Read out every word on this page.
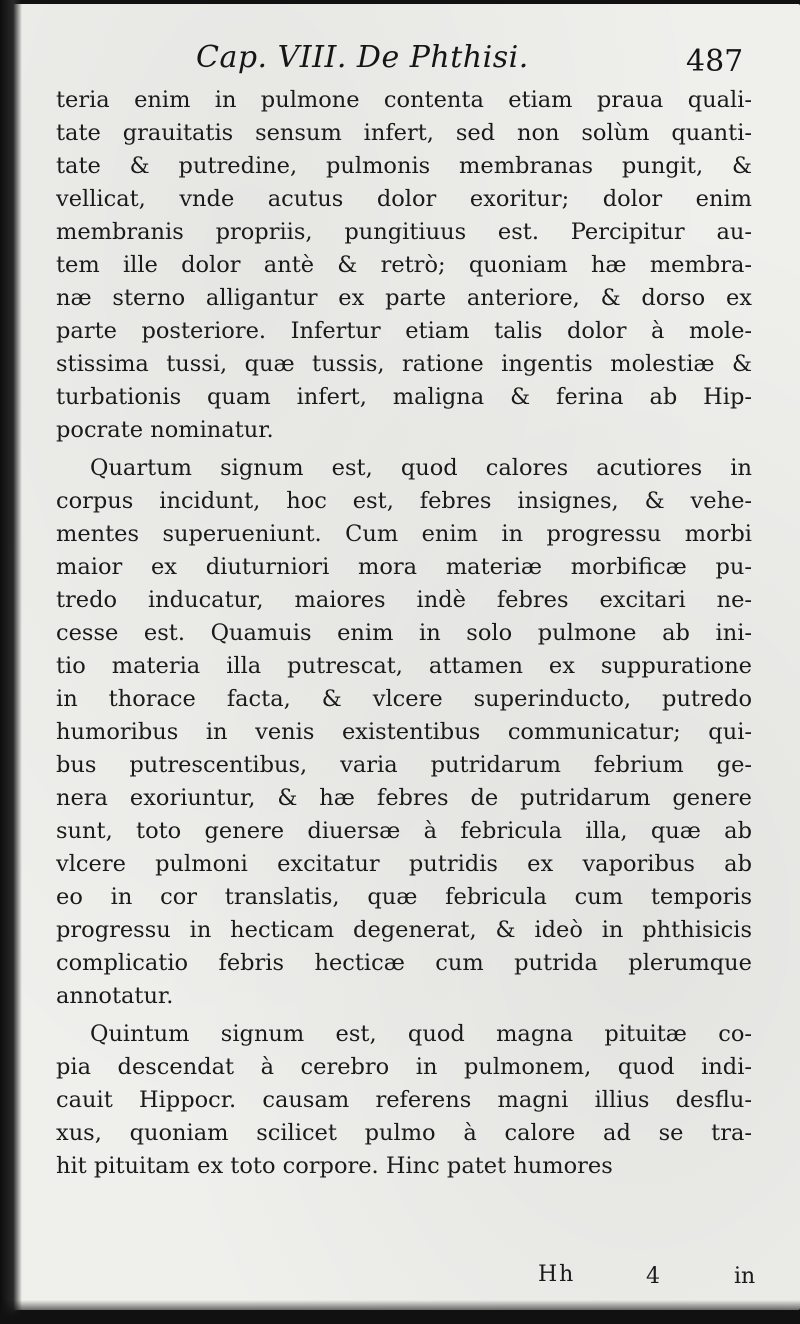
Cap. VIII. De Phthisi.	487
teria enim in pulmone contenta etiam praua quali-
tate grauitatis sensum infert, sed non solùm quanti-
tate & putredine, pulmonis membranas pungit, &
vellicat, vnde acutus dolor exoritur; dolor enim
membranis propriis, pungitiuus est. Percipitur au-
tem ille dolor antè & retrò; quoniam hæ membra-
næ sterno alligantur ex parte anteriore, & dorso ex
parte posteriore. Infertur etiam talis dolor à mole-
stissima tussi, quæ tussis, ratione ingentis molestiæ &
turbationis quam infert, maligna & ferina ab Hip-
pocrate nominatur.
Quartum signum est, quod calores acutiores in
corpus incidunt, hoc est, febres insignes, & vehe-
mentes superueniunt. Cum enim in progressu morbi
maior ex diuturniori mora materiæ morbificæ pu-
tredo inducatur, maiores indè febres excitari ne-
cesse est. Quamuis enim in solo pulmone ab ini-
tio materia illa putrescat, attamen ex suppuratione
in thorace facta, & vlcere superinducto, putredo
humoribus in venis existentibus communicatur; qui-
bus putrescentibus, varia putridarum febrium ge-
nera exoriuntur, & hæ febres de putridarum genere
sunt, toto genere diuersæ à febricula illa, quæ ab
vlcere pulmoni excitatur putridis ex vaporibus ab
eo in cor translatis, quæ febricula cum temporis
progressu in hecticam degenerat, & ideò in phthisicis
complicatio febris hecticæ cum putrida plerumque
annotatur.
Quintum signum est, quod magna pituitæ co-
pia descendat à cerebro in pulmonem, quod indi-
cauit Hippocr. causam referens magni illius desflu-
xus, quoniam scilicet pulmo à calore ad se tra-
hit pituitam ex toto corpore. Hinc patet humores
Hh	4	in
